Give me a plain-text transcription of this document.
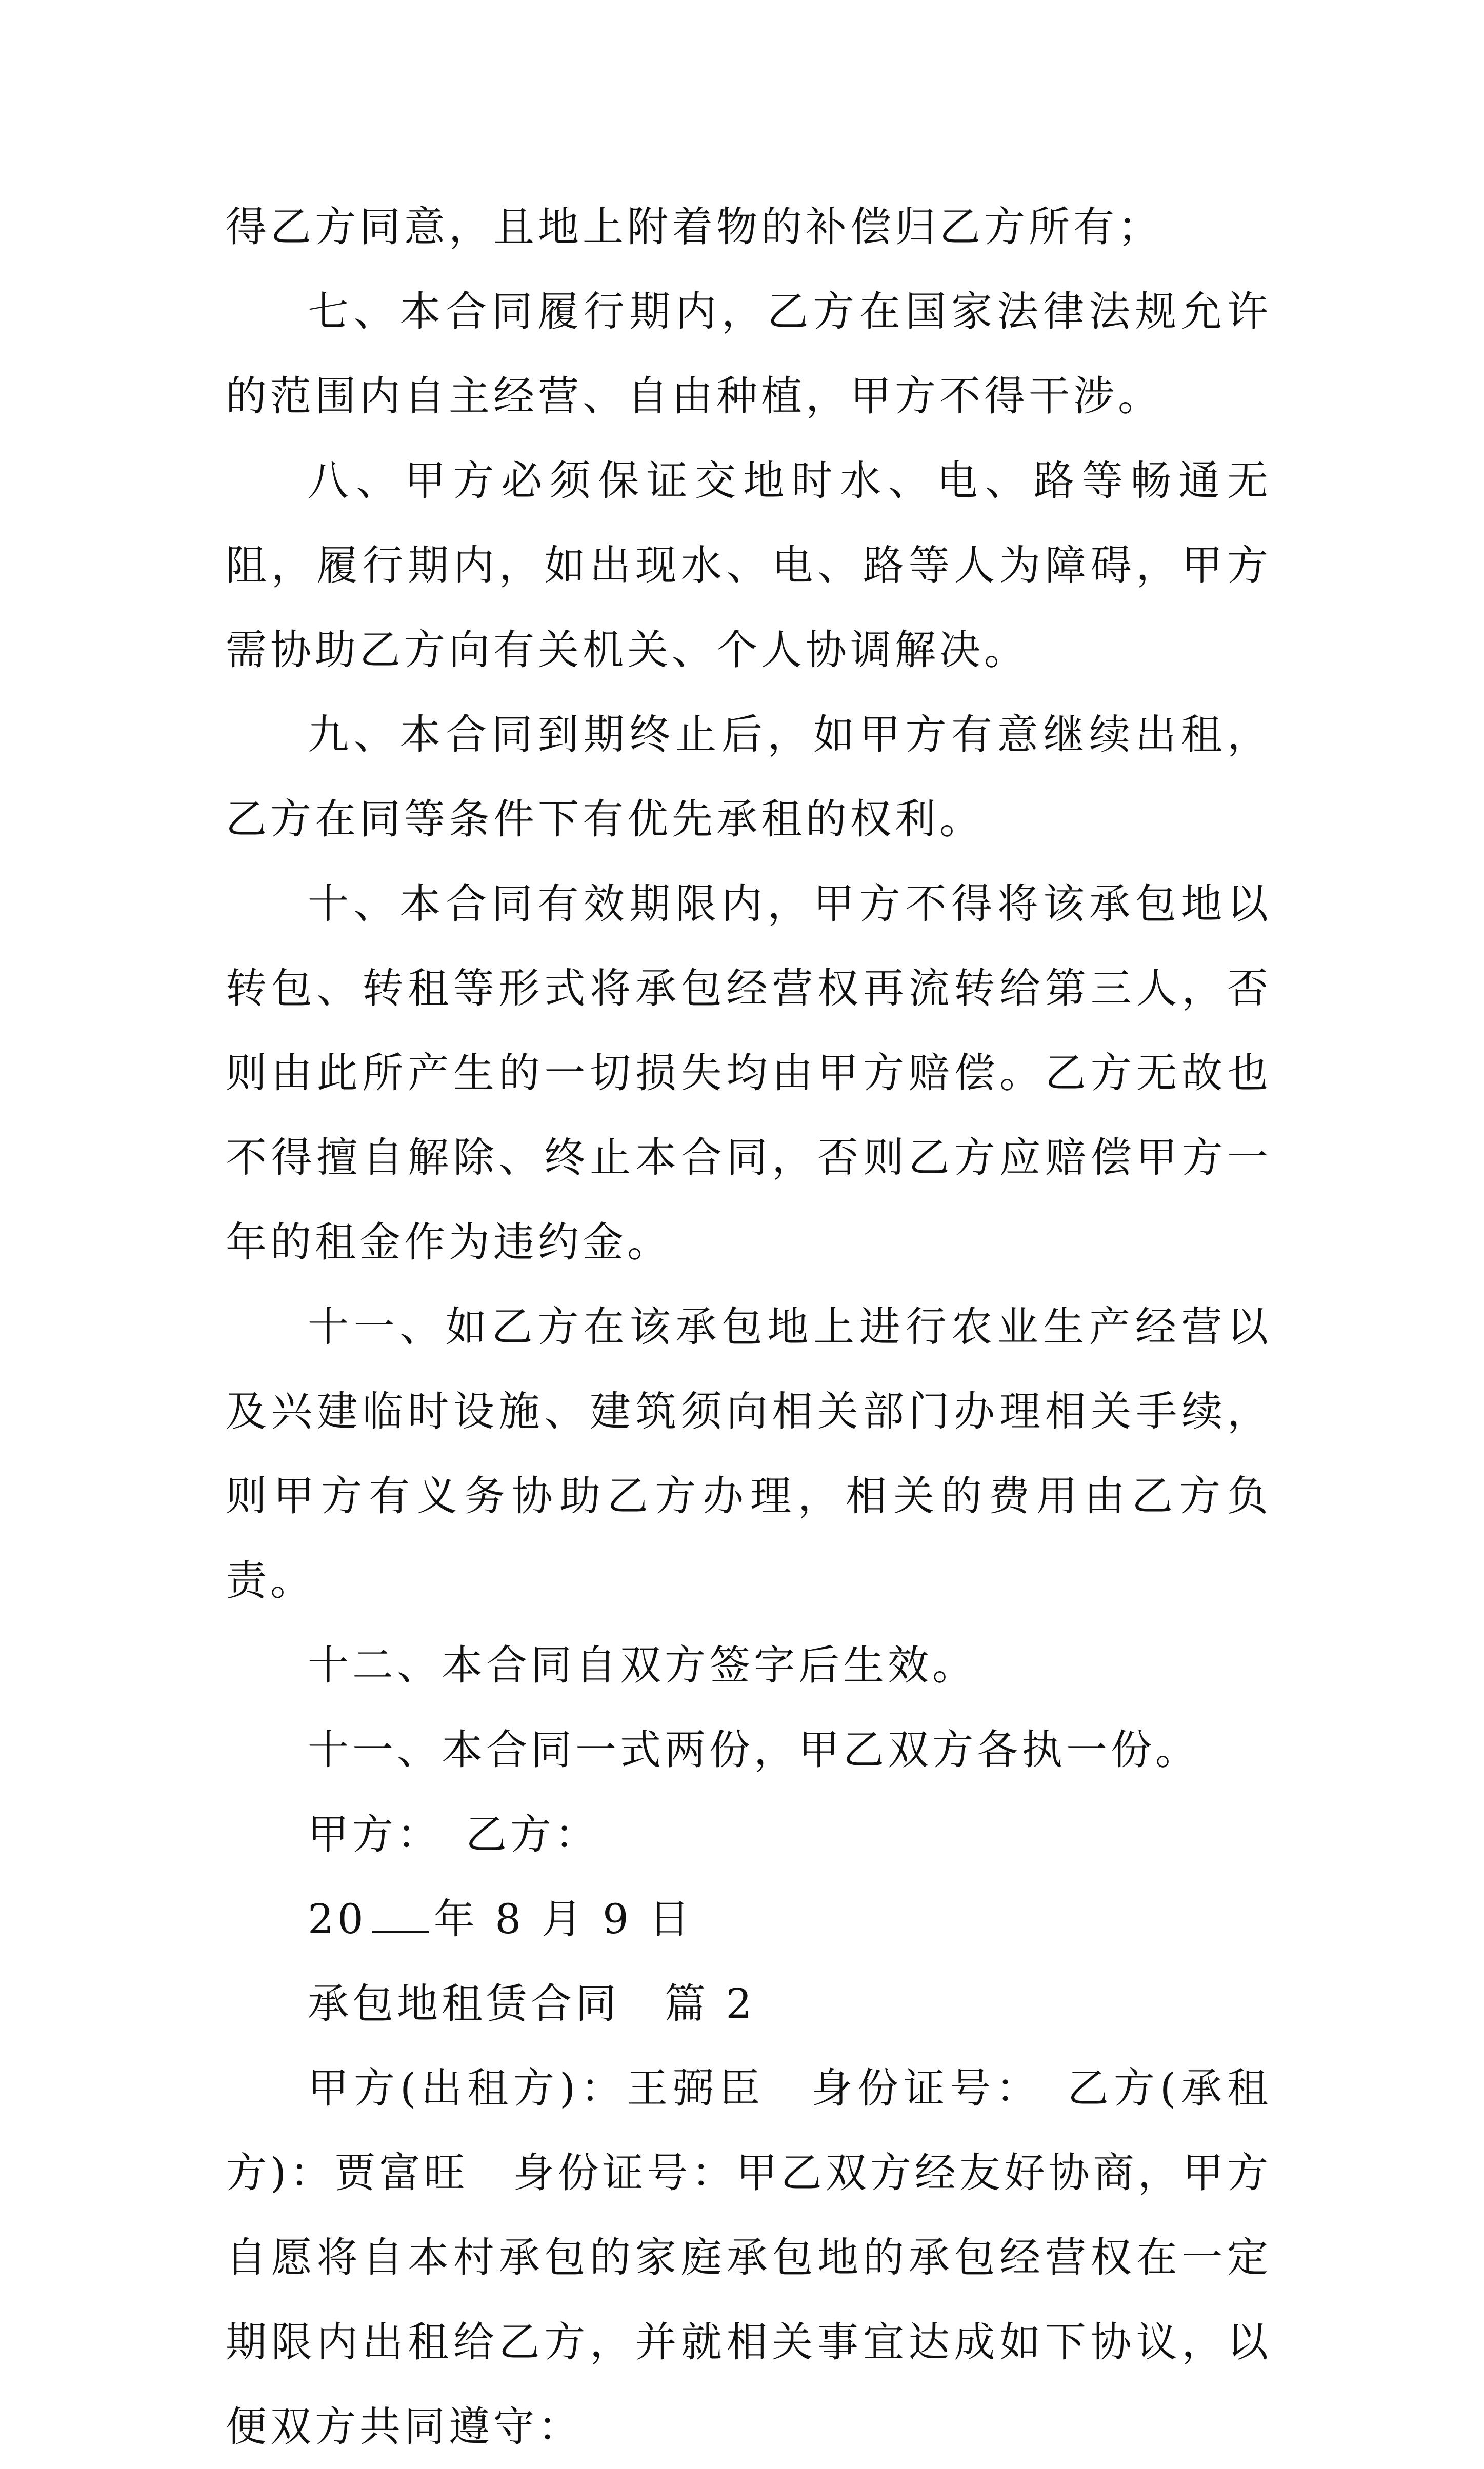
得乙方同意，且地上附着物的补偿归乙方所有；

七、本合同履行期内，乙方在国家法律法规允许的范围内自主经营、自由种植，甲方不得干涉。

八、甲方必须保证交地时水、电、路等畅通无阻，履行期内，如出现水、电、路等人为障碍，甲方需协助乙方向有关机关、个人协调解决。

九、本合同到期终止后，如甲方有意继续出租，乙方在同等条件下有优先承租的权利。

十、本合同有效期限内，甲方不得将该承包地以转包、转租等形式将承包经营权再流转给第三人，否则由此所产生的一切损失均由甲方赔偿。乙方无故也不得擅自解除、终止本合同，否则乙方应赔偿甲方一年的租金作为违约金。

十一、如乙方在该承包地上进行农业生产经营以及兴建临时设施、建筑须向相关部门办理相关手续，则甲方有义务协助乙方办理，相关的费用由乙方负责。

十二、本合同自双方签字后生效。

十一、本合同一式两份，甲乙双方各执一份。

甲方：　乙方：

20 年 8 月 9 日

承包地租赁合同　篇 2

甲方(出租方)：王弼臣　身份证号：　乙方(承租方)：贾富旺　身份证号：甲乙双方经友好协商，甲方自愿将自本村承包的家庭承包地的承包经营权在一定期限内出租给乙方，并就相关事宜达成如下协议，以便双方共同遵守：
